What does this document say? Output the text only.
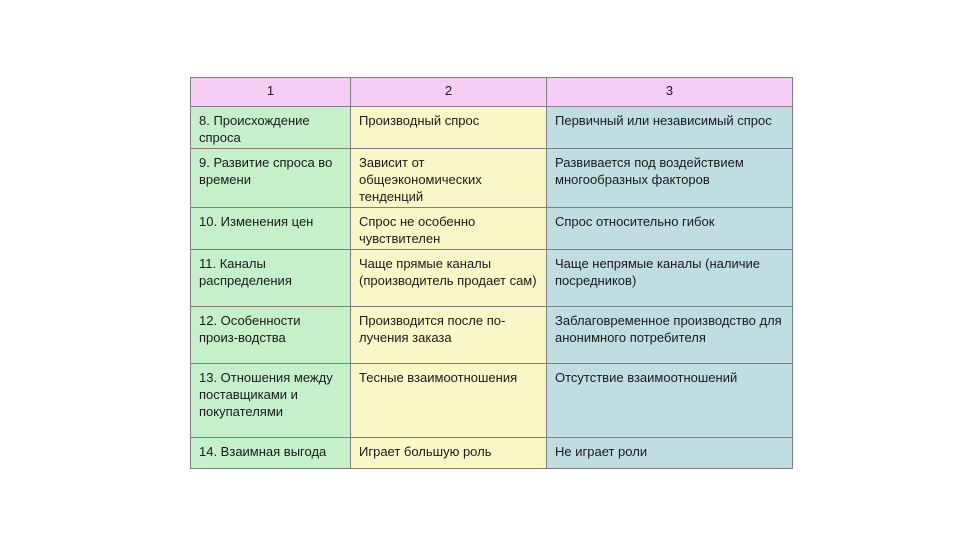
1	2	3
8. Происхождение спроса	Производный спрос	Первичный или независимый спрос
9. Развитие спроса во времени	Зависит от общеэкономических тенденций	Развивается под воздействием многообразных факторов
10. Изменения цен	Спрос не особенно чувствителен	Спрос относительно гибок
11. Каналы распределения	Чаще прямые каналы (производитель продает сам)	Чаще непрямые каналы (наличие посредников)
12. Особенности произ-водства	Производится после по-лучения заказа	Заблаговременное производство для анонимного потребителя
13. Отношения между поставщиками и покупателями	Тесные взаимоотношения	Отсутствие взаимоотношений
14. Взаимная выгода	Играет большую роль	Не играет роли
